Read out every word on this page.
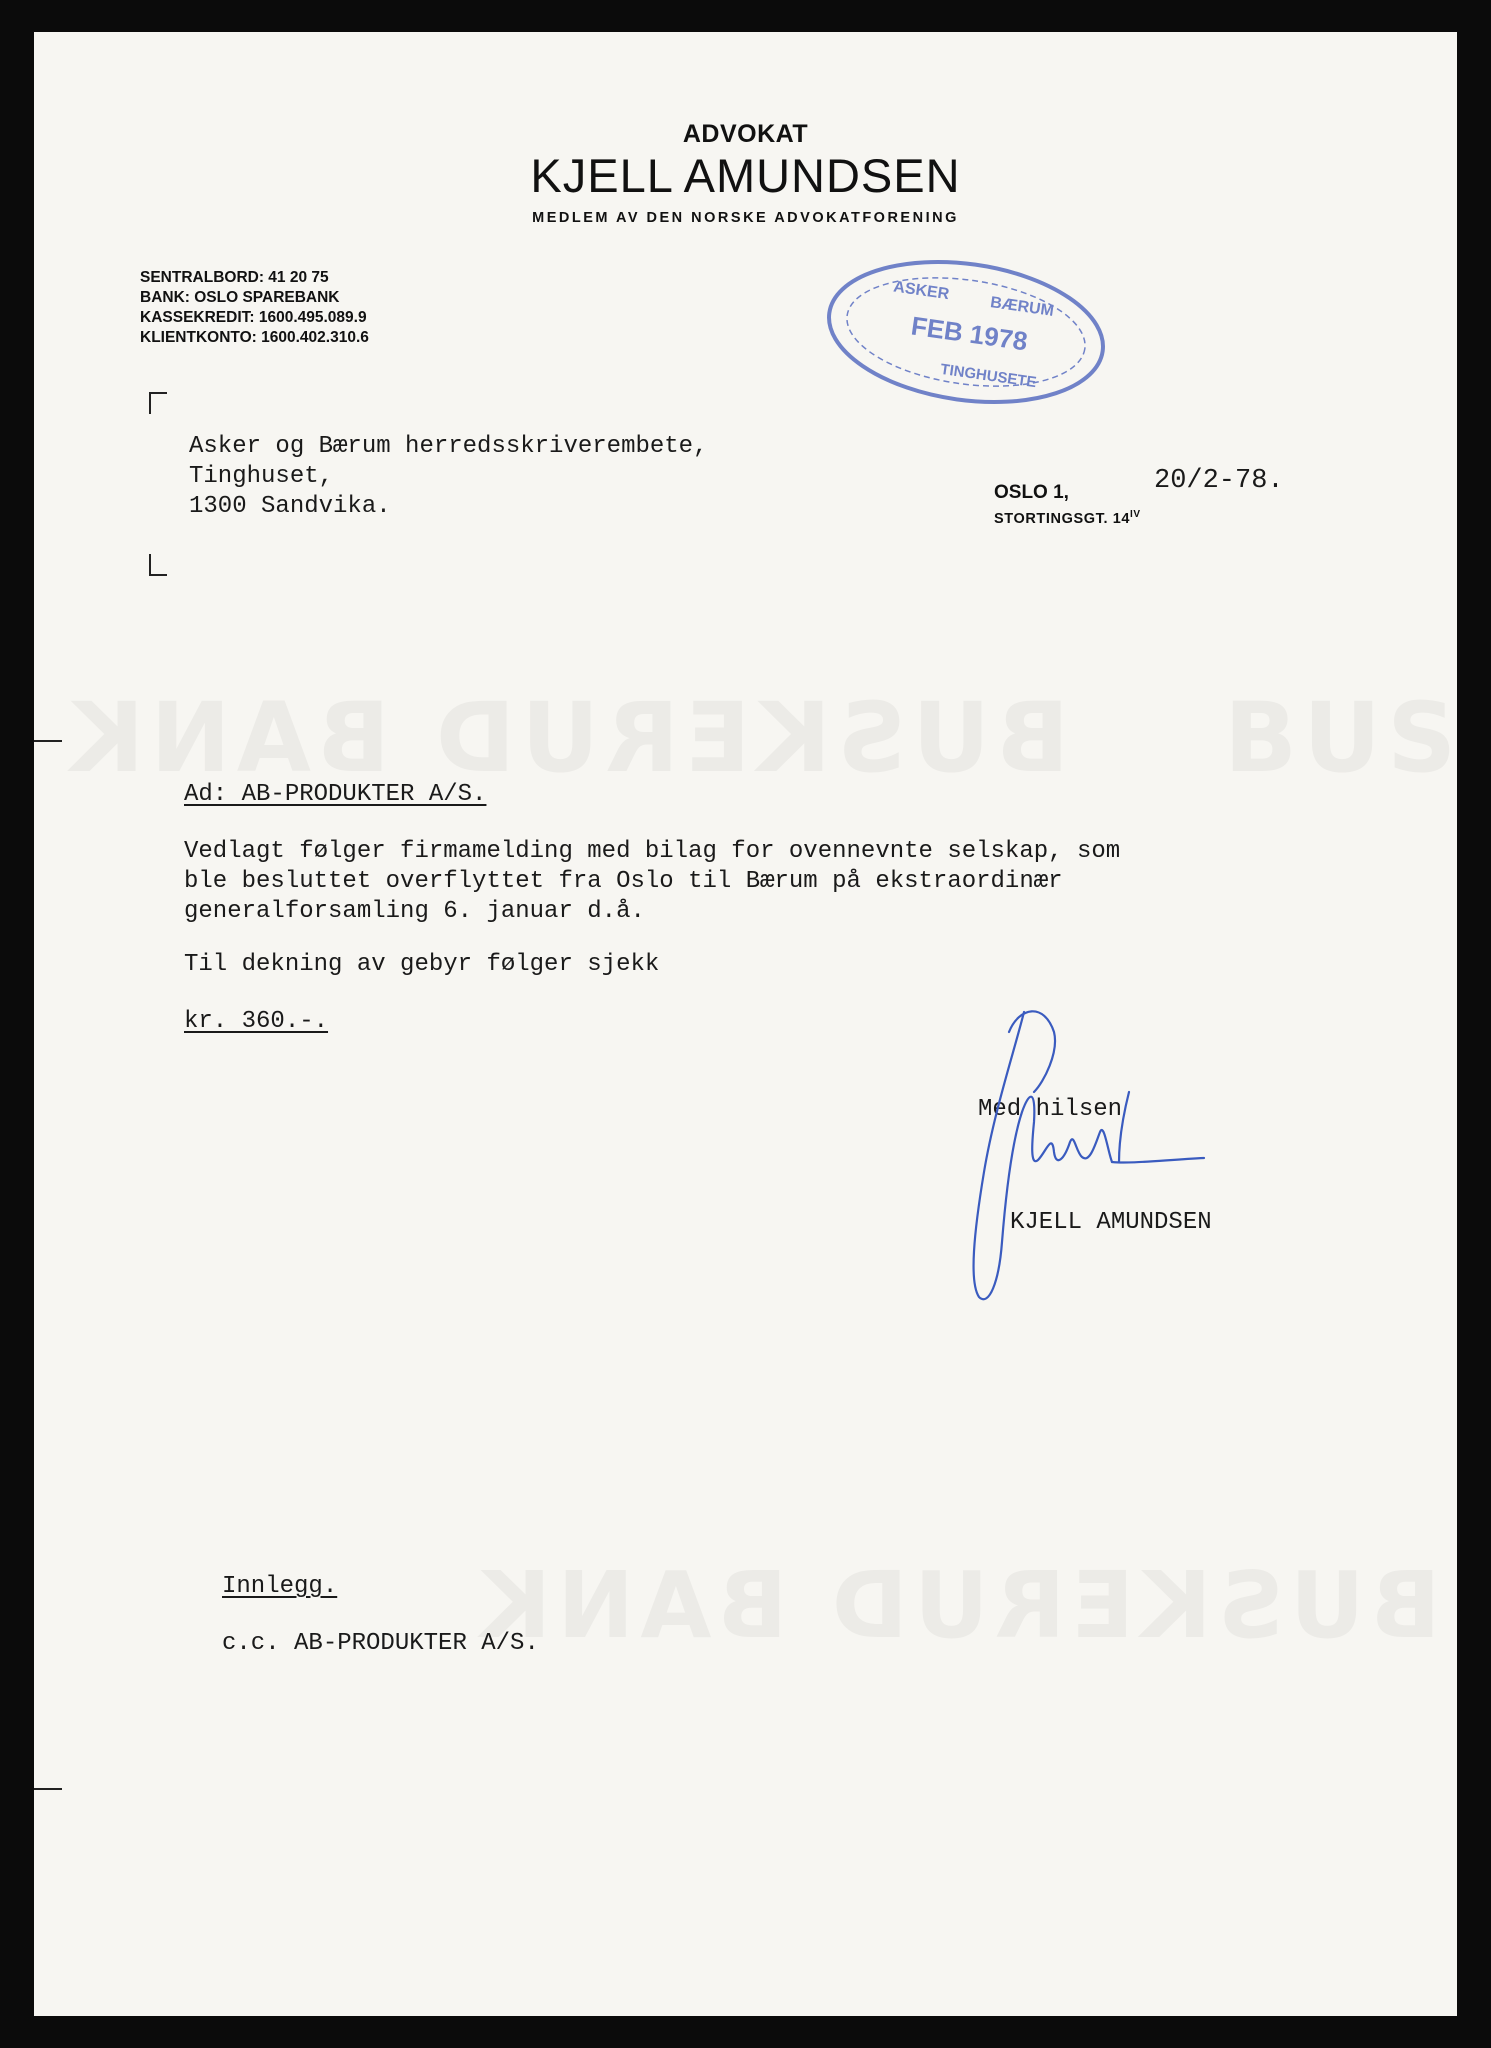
ADVOKAT
KJELL AMUNDSEN
MEDLEM AV DEN NORSKE ADVOKATFORENING
SENTRALBORD: 41 20 75
BANK: OSLO SPAREBANK
KASSEKREDIT: 1600.495.089.9
KLIENTKONTO: 1600.402.310.6
ASKER
BÆRUM
FEB 1978
TINGHUSETE
Asker og Bærum herredsskriverembete,
Tinghuset,
1300 Sandvika.
OSLO 1,	20/2-78.
STORTINGSGT. $14^{IV}$
Ad: AB-PRODUKTER A/S.
Vedlagt følger firmamelding med bilag for ovennevnte selskap, som
ble besluttet overflyttet fra Oslo til Bærum på ekstraordinær
generalforsamling 6. januar d.å.
Til dekning av gebyr følger sjekk
kr. 360.-.
Med hilsen
KJELL AMUNDSEN
Innlegg.
c.c. AB-PRODUKTER A/S.
